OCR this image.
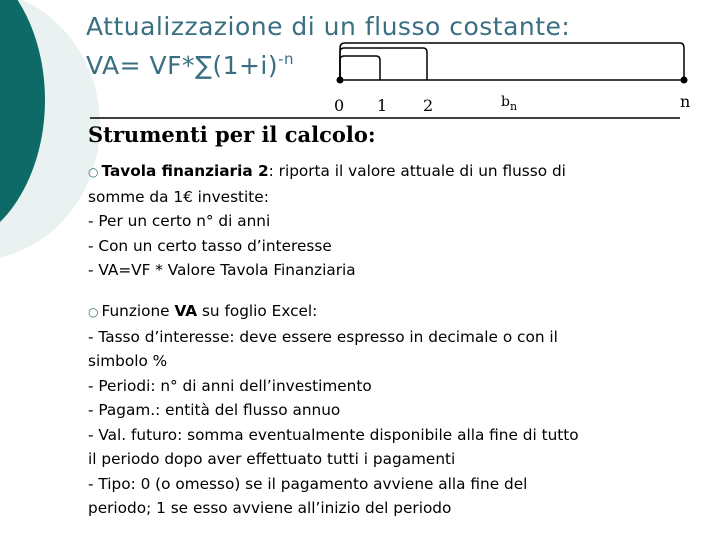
Attualizzazione di un flusso costante:
$VA= VF*\sum(1+i)^{-n}$
0 1 2	$b_n$	n
Strumenti per il calcolo:
○ Tavola finanziaria 2: riporta il valore attuale di un flusso di
somme da 1€ investite:
- Per un certo n° di anni
- Con un certo tasso d’interesse
- VA=VF * Valore Tavola Finanziaria
○ Funzione VA su foglio Excel:
- Tasso d’interesse: deve essere espresso in decimale o con il
simbolo %
- Periodi: n° di anni dell’investimento
- Pagam.: entità del flusso annuo
- Val. futuro: somma eventualmente disponibile alla fine di tutto
il periodo dopo aver effettuato tutti i pagamenti
- Tipo: 0 (o omesso) se il pagamento avviene alla fine del
periodo; 1 se esso avviene all’inizio del periodo
